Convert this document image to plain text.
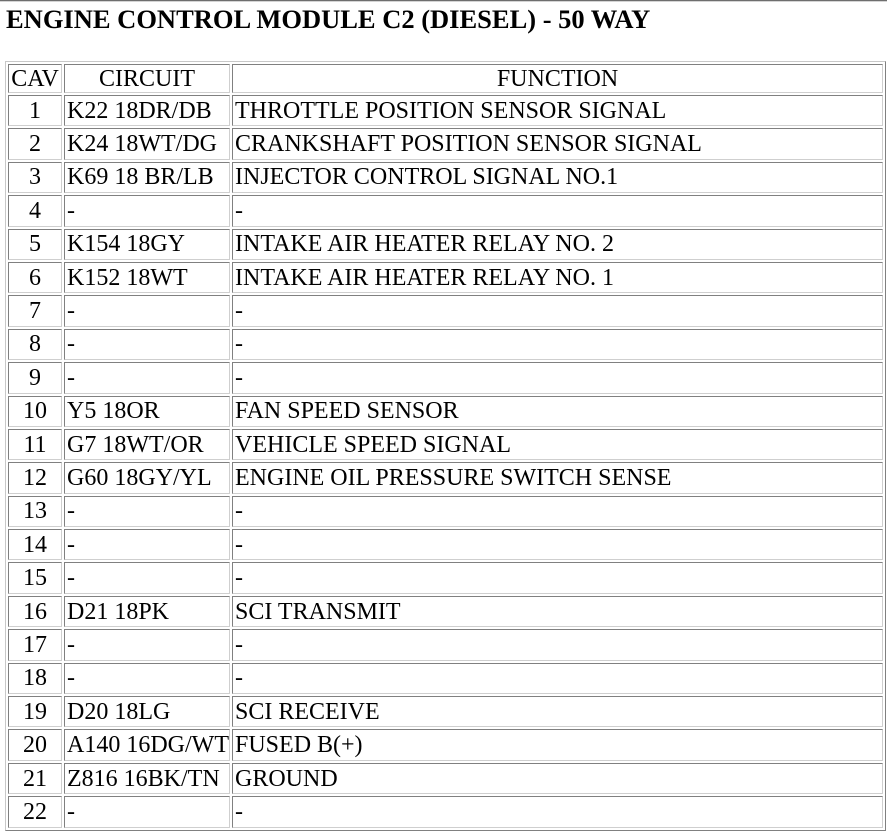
ENGINE CONTROL MODULE C2 (DIESEL) - 50 WAY
CAV	CIRCUIT	FUNCTION
1	K22 18DR/DB	THROTTLE POSITION SENSOR SIGNAL
2	K24 18WT/DG	CRANKSHAFT POSITION SENSOR SIGNAL
3	K69 18 BR/LB	INJECTOR CONTROL SIGNAL NO.1
4	-	-
5	K154 18GY	INTAKE AIR HEATER RELAY NO. 2
6	K152 18WT	INTAKE AIR HEATER RELAY NO. 1
7	-	-
8	-	-
9	-	-
10	Y5 18OR	FAN SPEED SENSOR
11	G7 18WT/OR	VEHICLE SPEED SIGNAL
12	G60 18GY/YL	ENGINE OIL PRESSURE SWITCH SENSE
13	-	-
14	-	-
15	-	-
16	D21 18PK	SCI TRANSMIT
17	-	-
18	-	-
19	D20 18LG	SCI RECEIVE
20	A140 16DG/WT	FUSED B(+)
21	Z816 16BK/TN	GROUND
22	-	-
